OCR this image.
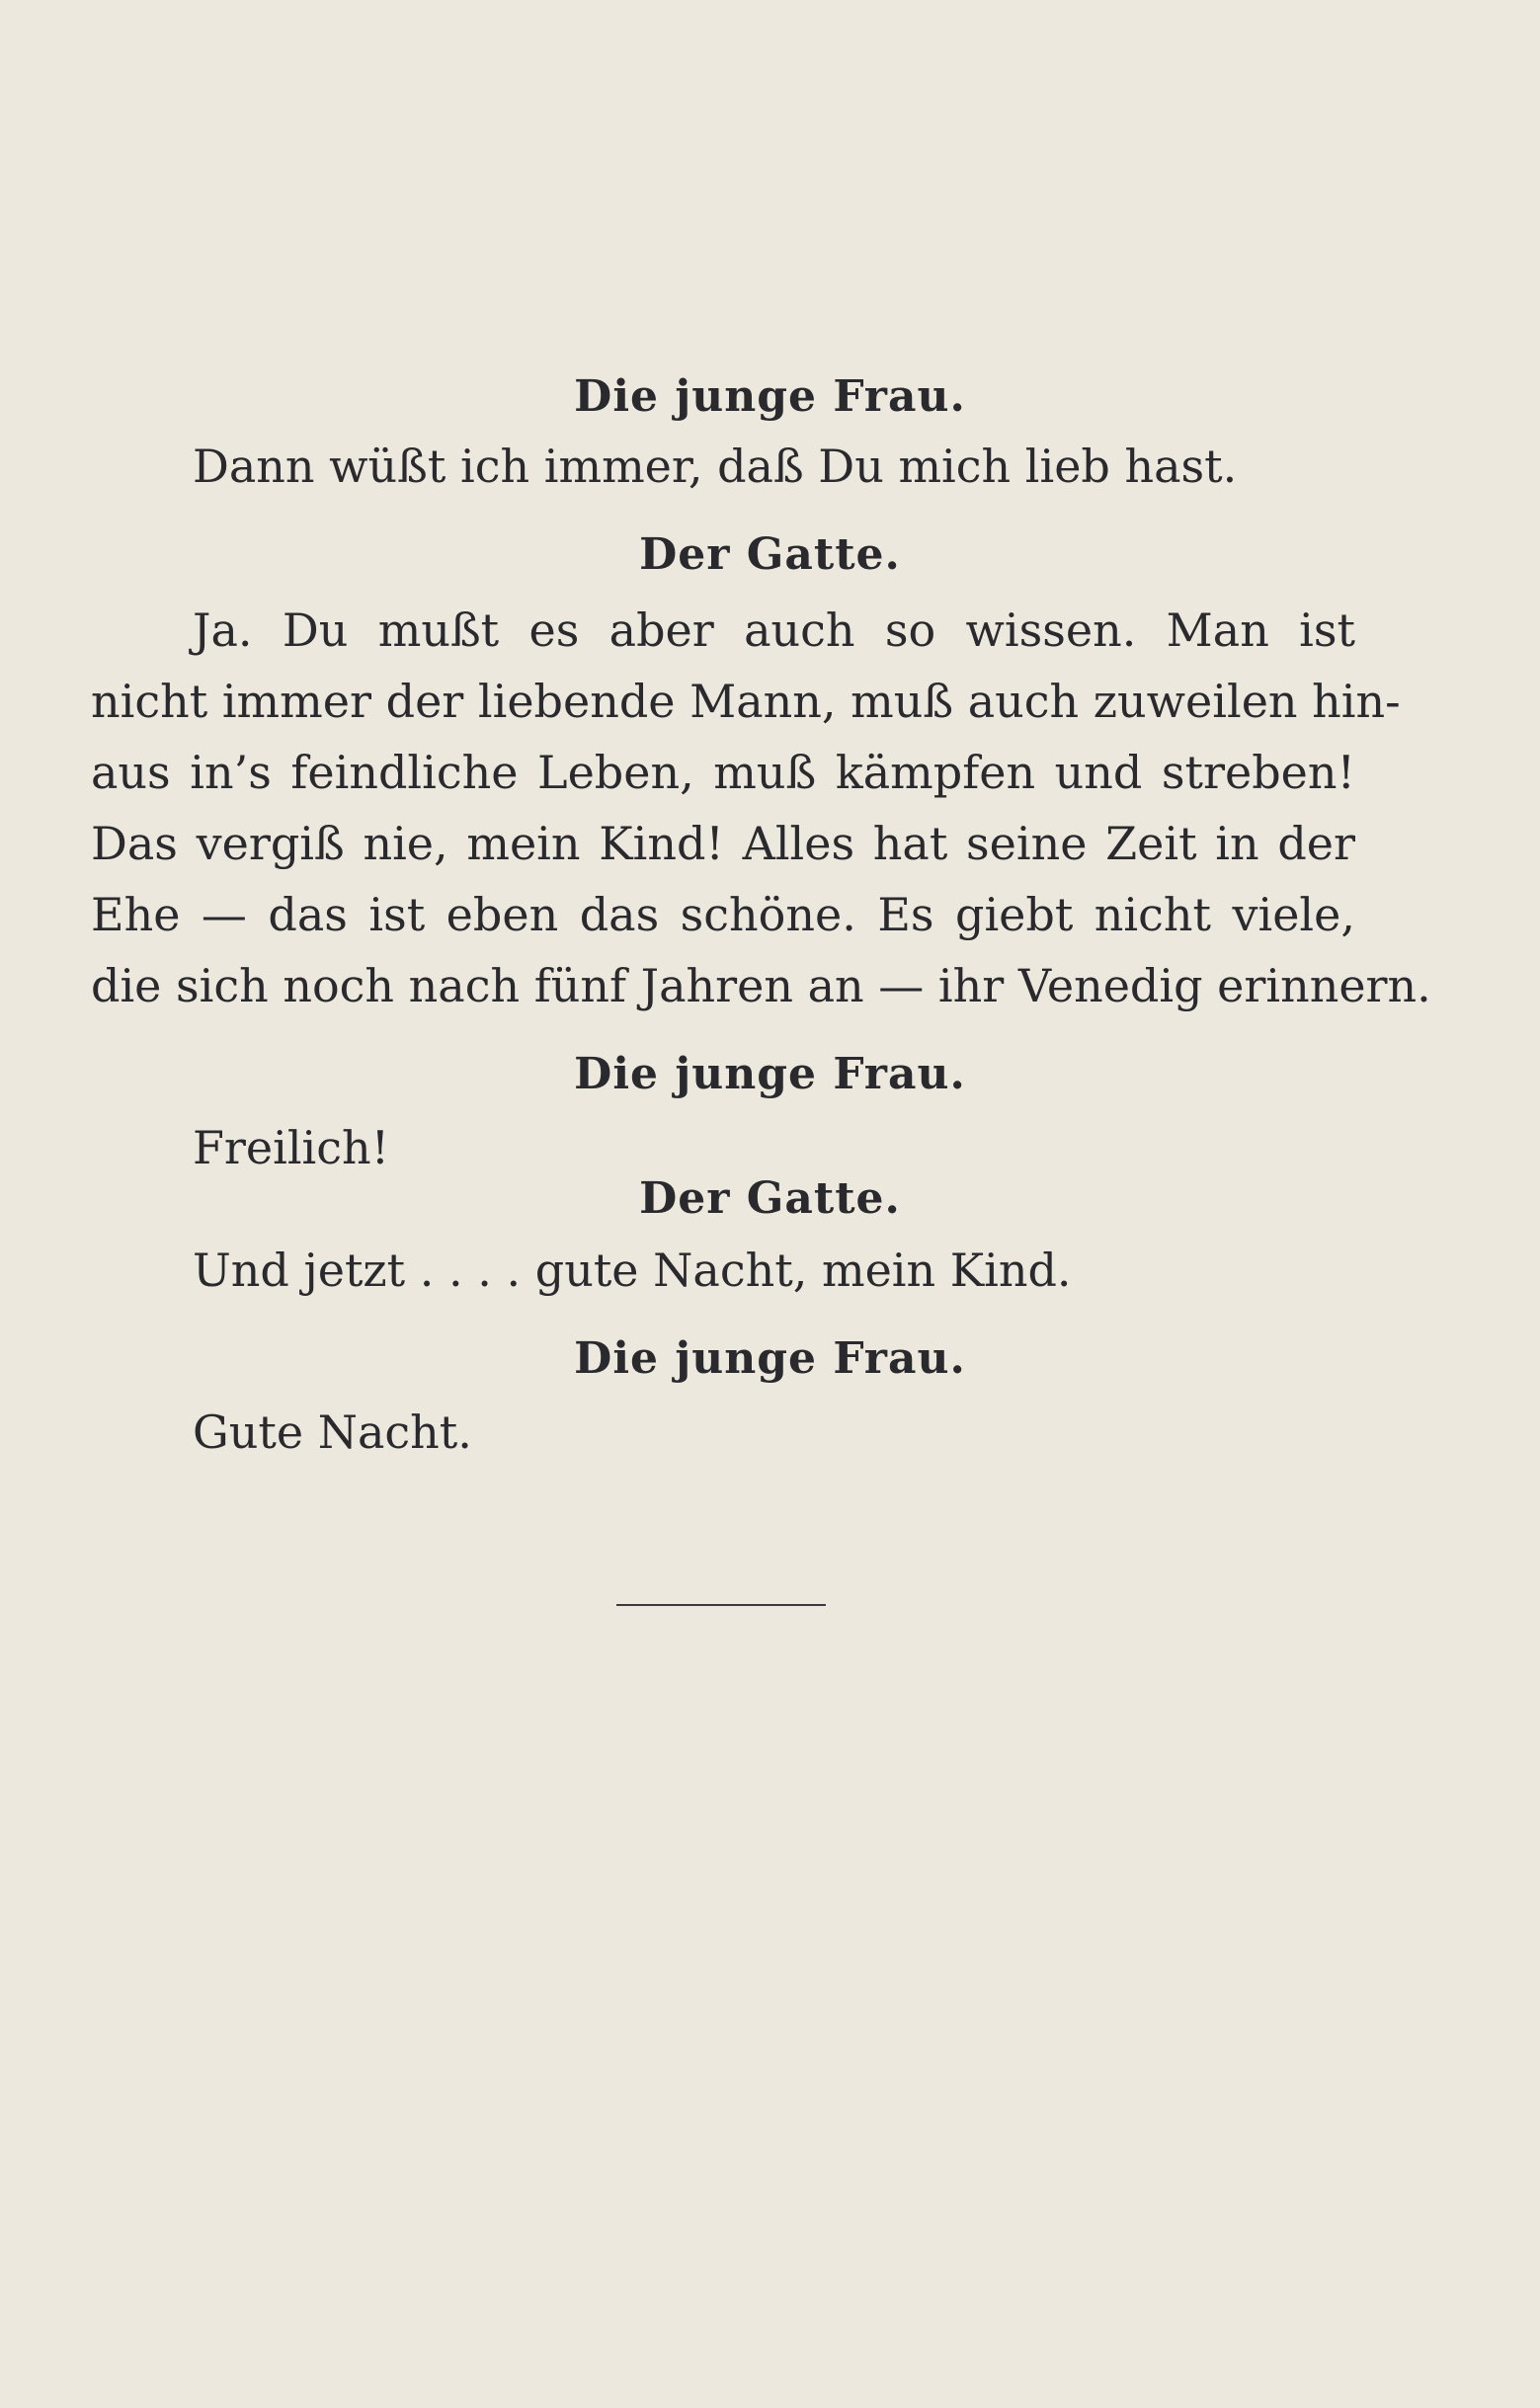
Die junge Frau.
Dann wüßt ich immer, daß Du mich lieb hast.
Der Gatte.
Ja. Du mußt es aber auch so wissen. Man ist
nicht immer der liebende Mann, muß auch zuweilen hin-
aus in’s feindliche Leben, muß kämpfen und streben!
Das vergiß nie, mein Kind! Alles hat seine Zeit in der
Ehe — das ist eben das schöne. Es giebt nicht viele,
die sich noch nach fünf Jahren an — ihr Venedig erinnern.
Die junge Frau.
Freilich!
Der Gatte.
Und jetzt . . . . gute Nacht, mein Kind.
Die junge Frau.
Gute Nacht.
